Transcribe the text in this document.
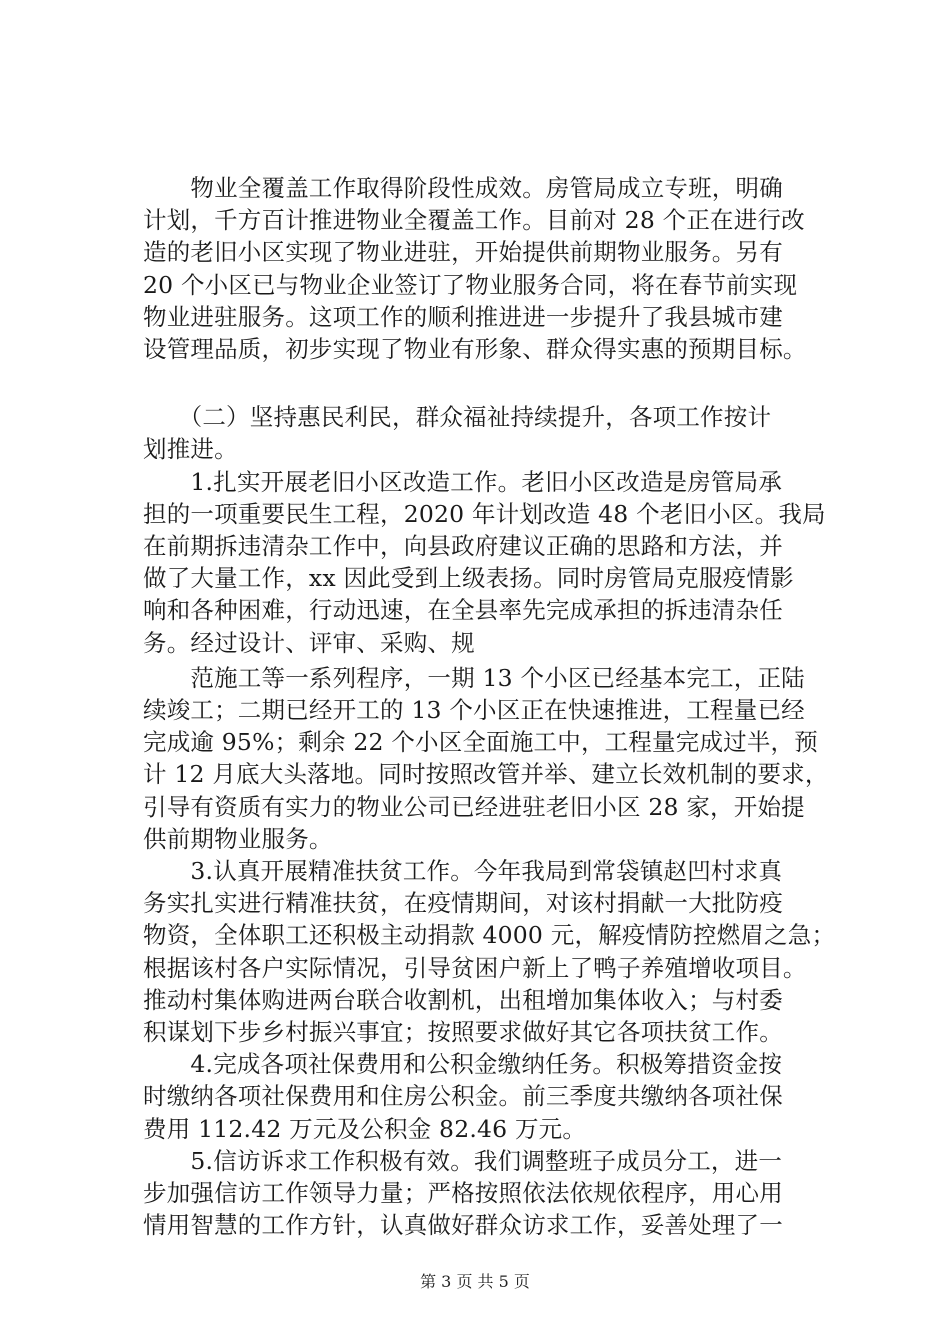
　　物业全覆盖工作取得阶段性成效。房管局成立专班，明确
计划，千方百计推进物业全覆盖工作。目前对 28 个正在进行改
造的老旧小区实现了物业进驻，开始提供前期物业服务。另有
20 个小区已与物业企业签订了物业服务合同，将在春节前实现
物业进驻服务。这项工作的顺利推进进一步提升了我县城市建
设管理品质，初步实现了物业有形象、群众得实惠的预期目标。

　　（二）坚持惠民利民，群众福祉持续提升，各项工作按计
划推进。

　　1.扎实开展老旧小区改造工作。老旧小区改造是房管局承
担的一项重要民生工程，2020 年计划改造 48 个老旧小区。我局
在前期拆违清杂工作中，向县政府建议正确的思路和方法，并
做了大量工作，xx 因此受到上级表扬。同时房管局克服疫情影
响和各种困难，行动迅速，在全县率先完成承担的拆违清杂任
务。经过设计、评审、采购、规

　　范施工等一系列程序，一期 13 个小区已经基本完工，正陆
续竣工；二期已经开工的 13 个小区正在快速推进，工程量已经
完成逾 95%；剩余 22 个小区全面施工中，工程量完成过半，预
计 12 月底大头落地。同时按照改管并举、建立长效机制的要求，
引导有资质有实力的物业公司已经进驻老旧小区 28 家，开始提
供前期物业服务。

　　3.认真开展精准扶贫工作。今年我局到常袋镇赵凹村求真
务实扎实进行精准扶贫，在疫情期间，对该村捐献一大批防疫
物资，全体职工还积极主动捐款 4000 元，解疫情防控燃眉之急；
根据该村各户实际情况，引导贫困户新上了鸭子养殖增收项目。
推动村集体购进两台联合收割机，出租增加集体收入；与村委
积谋划下步乡村振兴事宜；按照要求做好其它各项扶贫工作。

　　4.完成各项社保费用和公积金缴纳任务。积极筹措资金按
时缴纳各项社保费用和住房公积金。前三季度共缴纳各项社保
费用 112.42 万元及公积金 82.46 万元。

　　5.信访诉求工作积极有效。我们调整班子成员分工，进一
步加强信访工作领导力量；严格按照依法依规依程序，用心用
情用智慧的工作方针，认真做好群众访求工作，妥善处理了一

第 3 页 共 5 页
